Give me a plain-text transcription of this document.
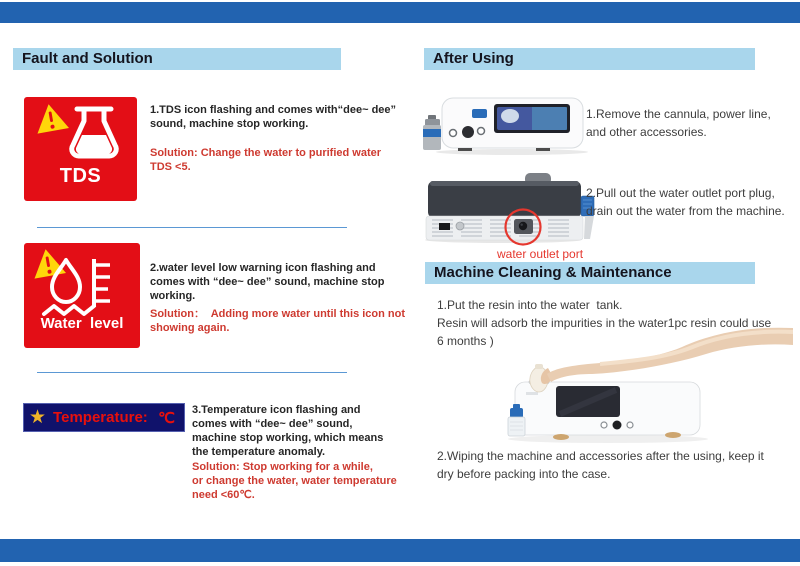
Fault and Solution
TDS
1.TDS icon flashing and comes with“dee~ dee”
sound, machine stop working.
Solution: Change the water to purified water
TDS <5.
Water  level
2.water level low warning icon flashing and
comes with “dee~ dee” sound, machine stop
working.
Solution：  Adding more water until this icon not
showing again.
★ Temperature: ℃ 3.Temperature icon flashing and
comes with “dee~ dee” sound,
machine stop working, which means
the temperature anomaly.
Solution: Stop working for a while,
or change the water, water temperature
need <60℃.
After Using
1.Remove the cannula, power line,
and other accessories.
water outlet port
2.Pull out the water outlet port plug,
drain out the water from the machine.
Machine Cleaning & Maintenance
1.Put the resin into the water  tank.
Resin will adsorb the impurities in the water1pc resin could use
6 months )
2.Wiping the machine and accessories after the using, keep it
dry before packing into the case.
